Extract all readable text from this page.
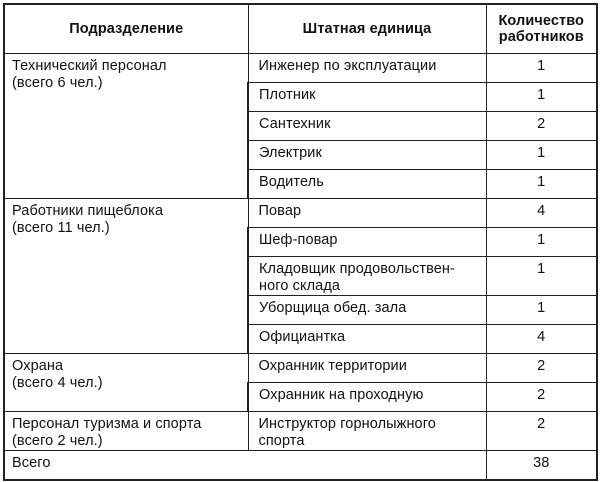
Подразделение	Штатная единица	Количество
работников

Технический персонал
(всего 6 чел.)	Инженер по эксплуатации	1
	Плотник	1
	Сантехник	2
	Электрик	1
	Водитель	1

Работники пищеблока
(всего 11 чел.)	Повар	4
	Шеф-повар	1

	Кладовщик продовольствен-
ного склада	1
	Уборщица обед. зала	1
	Официантка	4

Охрана
(всего 4 чел.)	Охранник территории	2
	Охранник на проходную	2

Персонал туризма и спорта
(всего 2 чел.)	Инструктор горнолыжного
спорта	2
Всего		38
